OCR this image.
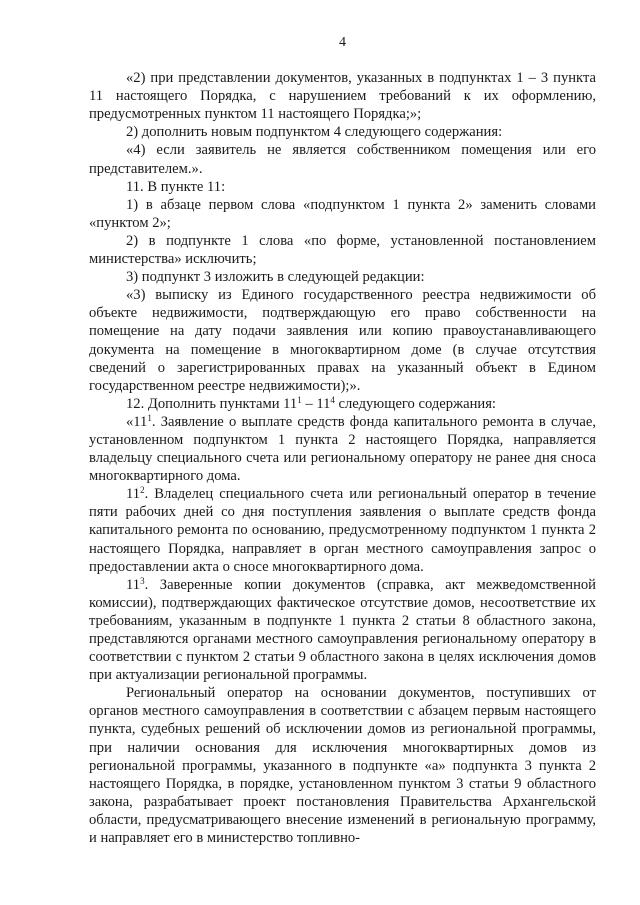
4

«2) при представлении документов, указанных в подпунктах 1 – 3 пункта 11 настоящего Порядка, с нарушением требований к их оформлению, предусмотренных пунктом 11 настоящего Порядка;»;

2) дополнить новым подпунктом 4 следующего содержания:

«4) если заявитель не является собственником помещения или его представителем.».

11. В пункте 11:

1) в абзаце первом слова «подпунктом 1 пункта 2» заменить словами «пунктом 2»;

2) в подпункте 1 слова «по форме, установленной постановлением министерства» исключить;

3) подпункт 3 изложить в следующей редакции:

«3) выписку из Единого государственного реестра недвижимости об объекте недвижимости, подтверждающую его право собственности на помещение на дату подачи заявления или копию правоустанавливающего документа на помещение в многоквартирном доме (в случае отсутствия сведений о зарегистрированных правах на указанный объект в Едином государственном реестре недвижимости);».

12. Дополнить пунктами $11^1 - 11^4$ следующего содержания:

«$11^1$. Заявление о выплате средств фонда капитального ремонта в случае, установленном подпунктом 1 пункта 2 настоящего Порядка, направляется владельцу специального счета или региональному оператору не ранее дня сноса многоквартирного дома.

$11^2$. Владелец специального счета или региональный оператор в течение пяти рабочих дней со дня поступления заявления о выплате средств фонда капитального ремонта по основанию, предусмотренному подпунктом 1 пункта 2 настоящего Порядка, направляет в орган местного самоуправления запрос о предоставлении акта о сносе многоквартирного дома.

$11^3$. Заверенные копии документов (справка, акт межведомственной комиссии), подтверждающих фактическое отсутствие домов, несоответствие их требованиям, указанным в подпункте 1 пункта 2 статьи 8 областного закона, представляются органами местного самоуправления региональному оператору в соответствии с пунктом 2 статьи 9 областного закона в целях исключения домов при актуализации региональной программы.

Региональный оператор на основании документов, поступивших от органов местного самоуправления в соответствии с абзацем первым настоящего пункта, судебных решений об исключении домов из региональной программы, при наличии основания для исключения многоквартирных домов из региональной программы, указанного в подпункте «а» подпункта 3 пункта 2 настоящего Порядка, в порядке, установленном пунктом 3 статьи 9 областного закона, разрабатывает проект постановления Правительства Архангельской области, предусматривающего внесение изменений в региональную программу, и направляет его в министерство топливно-
